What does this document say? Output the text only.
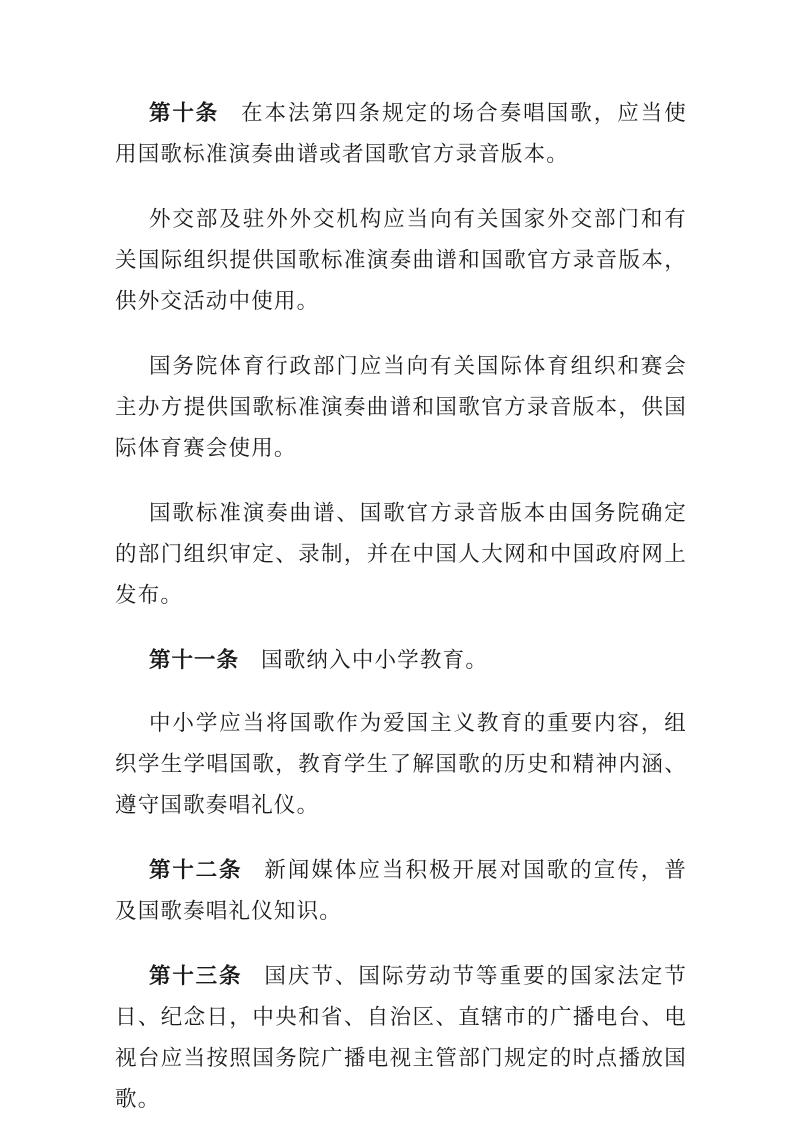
第十条 在本法第四条规定的场合奏唱国歌，应当使用国歌标准演奏曲谱或者国歌官方录音版本。

外交部及驻外外交机构应当向有关国家外交部门和有关国际组织提供国歌标准演奏曲谱和国歌官方录音版本，供外交活动中使用。

国务院体育行政部门应当向有关国际体育组织和赛会主办方提供国歌标准演奏曲谱和国歌官方录音版本，供国际体育赛会使用。

国歌标准演奏曲谱、国歌官方录音版本由国务院确定的部门组织审定、录制，并在中国人大网和中国政府网上发布。

第十一条 国歌纳入中小学教育。

中小学应当将国歌作为爱国主义教育的重要内容，组织学生学唱国歌，教育学生了解国歌的历史和精神内涵、遵守国歌奏唱礼仪。

第十二条 新闻媒体应当积极开展对国歌的宣传，普及国歌奏唱礼仪知识。

第十三条 国庆节、国际劳动节等重要的国家法定节日、纪念日，中央和省、自治区、直辖市的广播电台、电视台应当按照国务院广播电视主管部门规定的时点播放国歌。
